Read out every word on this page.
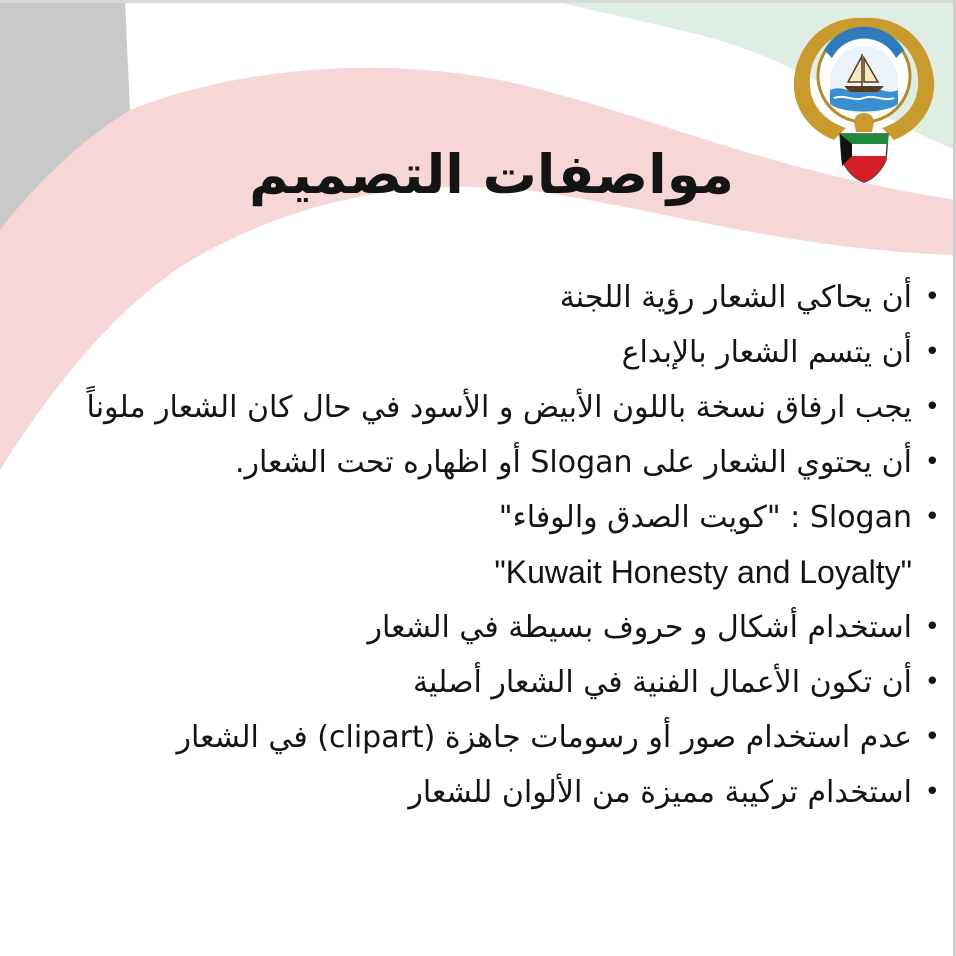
مواصفات التصميم
•
أن يحاكي الشعار رؤية اللجنة
•
أن يتسم الشعار بالإبداع
•
يجب ارفاق نسخة باللون الأبيض و الأسود في حال كان الشعار ملوناً
•
أن يحتوي الشعار على Slogan أو اظهاره تحت الشعار.
•
Slogan : "كويت الصدق والوفاء"
"Kuwait Honesty and Loyalty"
•
استخدام أشكال و حروف بسيطة في الشعار
•
أن تكون الأعمال الفنية في الشعار أصلية
•
عدم استخدام صور أو رسومات جاهزة (clipart) في الشعار
•
استخدام تركيبة مميزة من الألوان للشعار
